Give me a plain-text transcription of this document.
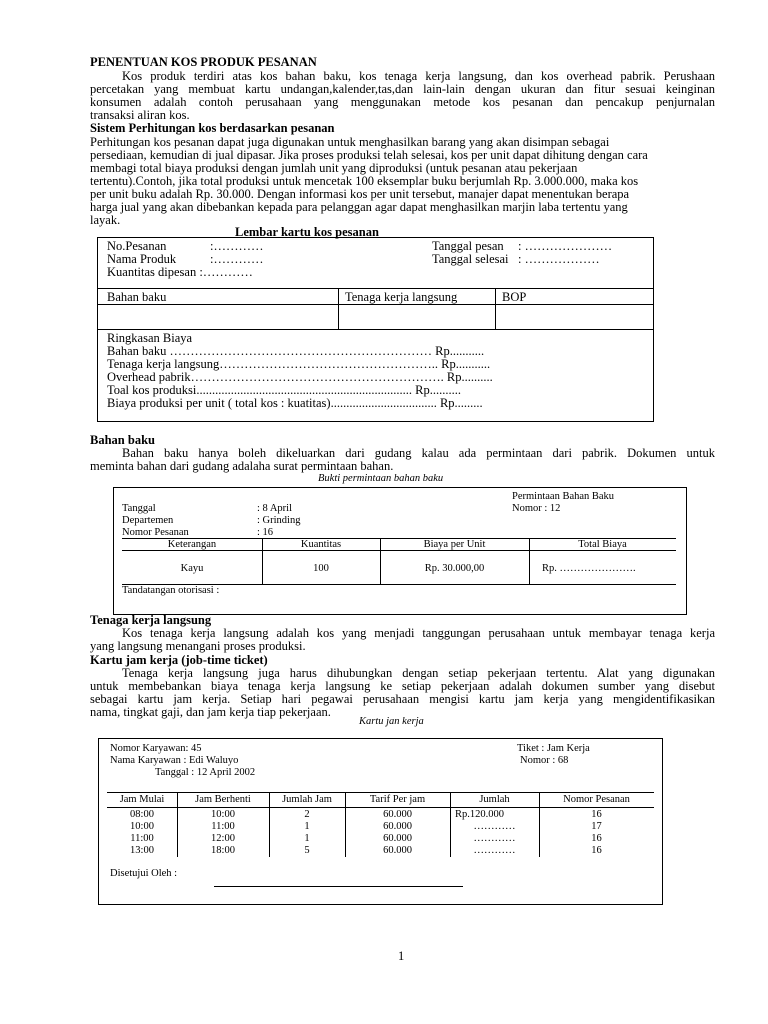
PENENTUAN KOS PRODUK PESANAN
Kos produk terdiri atas kos bahan baku, kos tenaga kerja langsung, dan kos overhead pabrik. Perushaan
percetakan yang membuat kartu undangan,kalender,tas,dan lain-lain dengan ukuran dan fitur sesuai keinginan
konsumen adalah contoh perusahaan yang menggunakan metode kos pesanan dan pencakup penjurnalan
transaksi aliran kos.
Sistem Perhitungan kos berdasarkan pesanan
Perhitungan kos pesanan dapat juga digunakan untuk menghasilkan barang yang akan disimpan sebagai
persediaan, kemudian di jual dipasar. Jika proses produksi telah selesai, kos per unit dapat dihitung dengan cara
membagi total biaya produksi dengan jumlah unit yang diproduksi (untuk pesanan atau pekerjaan
tertentu).Contoh, jika total produksi untuk mencetak 100 eksemplar buku berjumlah Rp. 3.000.000, maka kos
per unit buku adalah Rp. 30.000. Dengan informasi kos per unit tersebut, manajer dapat menentukan berapa
harga jual yang akan dibebankan kepada para pelanggan agar dapat menghasilkan marjin laba tertentu yang
layak.
Lembar kartu kos pesanan
No.Pesanan	:…………
Nama Produk	:…………
Kuantitas dipesan :…………
Tanggal pesan : …………………
Tanggal selesai : ………………
Bahan baku	Tenaga kerja langsung	BOP
Ringkasan Biaya
Bahan baku ……………………………………………………… Rp...........
Tenaga kerja langsung…………………………………………….. Rp...........
Overhead pabrik……………………………………………………. Rp..........
Toal kos produksi..................................................................... Rp..........
Biaya produksi per unit ( total kos : kuatitas).................................. Rp.........
Bahan baku
Bahan baku hanya boleh dikeluarkan dari gudang kalau ada permintaan dari pabrik. Dokumen untuk
meminta bahan dari gudang adalaha surat permintaan bahan.
Bukti permintaan bahan baku
Permintaan Bahan Baku
Nomor : 12
Tanggal	: 8 April
Departemen	: Grinding
Nomor Pesanan	: 16
Keterangan	Kuantitas	Biaya per Unit	Total Biaya
Kayu	100	Rp. 30.000,00	Rp. ………………….
Tandatangan otorisasi :
Tenaga kerja langsung
Kos tenaga kerja langsung adalah kos yang menjadi tanggungan perusahaan untuk membayar tenaga kerja
yang langsung menangani proses produksi.
Kartu jam kerja (job-time ticket)
Tenaga kerja langsung juga harus dihubungkan dengan setiap pekerjaan tertentu. Alat yang digunakan
untuk membebankan biaya tenaga kerja langsung ke setiap pekerjaan adalah dokumen sumber yang disebut
sebagai kartu jam kerja. Setiap hari pegawai perusahaan mengisi kartu jam kerja yang mengidentifikasikan
nama, tingkat gaji, dan jam kerja tiap pekerjaan.
Kartu jan kerja
Nomor Karyawan: 45
Nama Karyawan : Edi Waluyo
Tanggal : 12 April 2002
Tiket : Jam Kerja
Nomor : 68
Jam Mulai	Jam Berhenti	Jumlah Jam	Tarif Per jam	Jumlah	Nomor Pesanan
08:00	10:00	2	60.000	Rp.120.000	16
10:00	11:00	1	60.000	…………	17
11:00	12:00	1	60.000	…………	16
13:00	18:00	5	60.000	…………	16
Disetujui Oleh :
1
